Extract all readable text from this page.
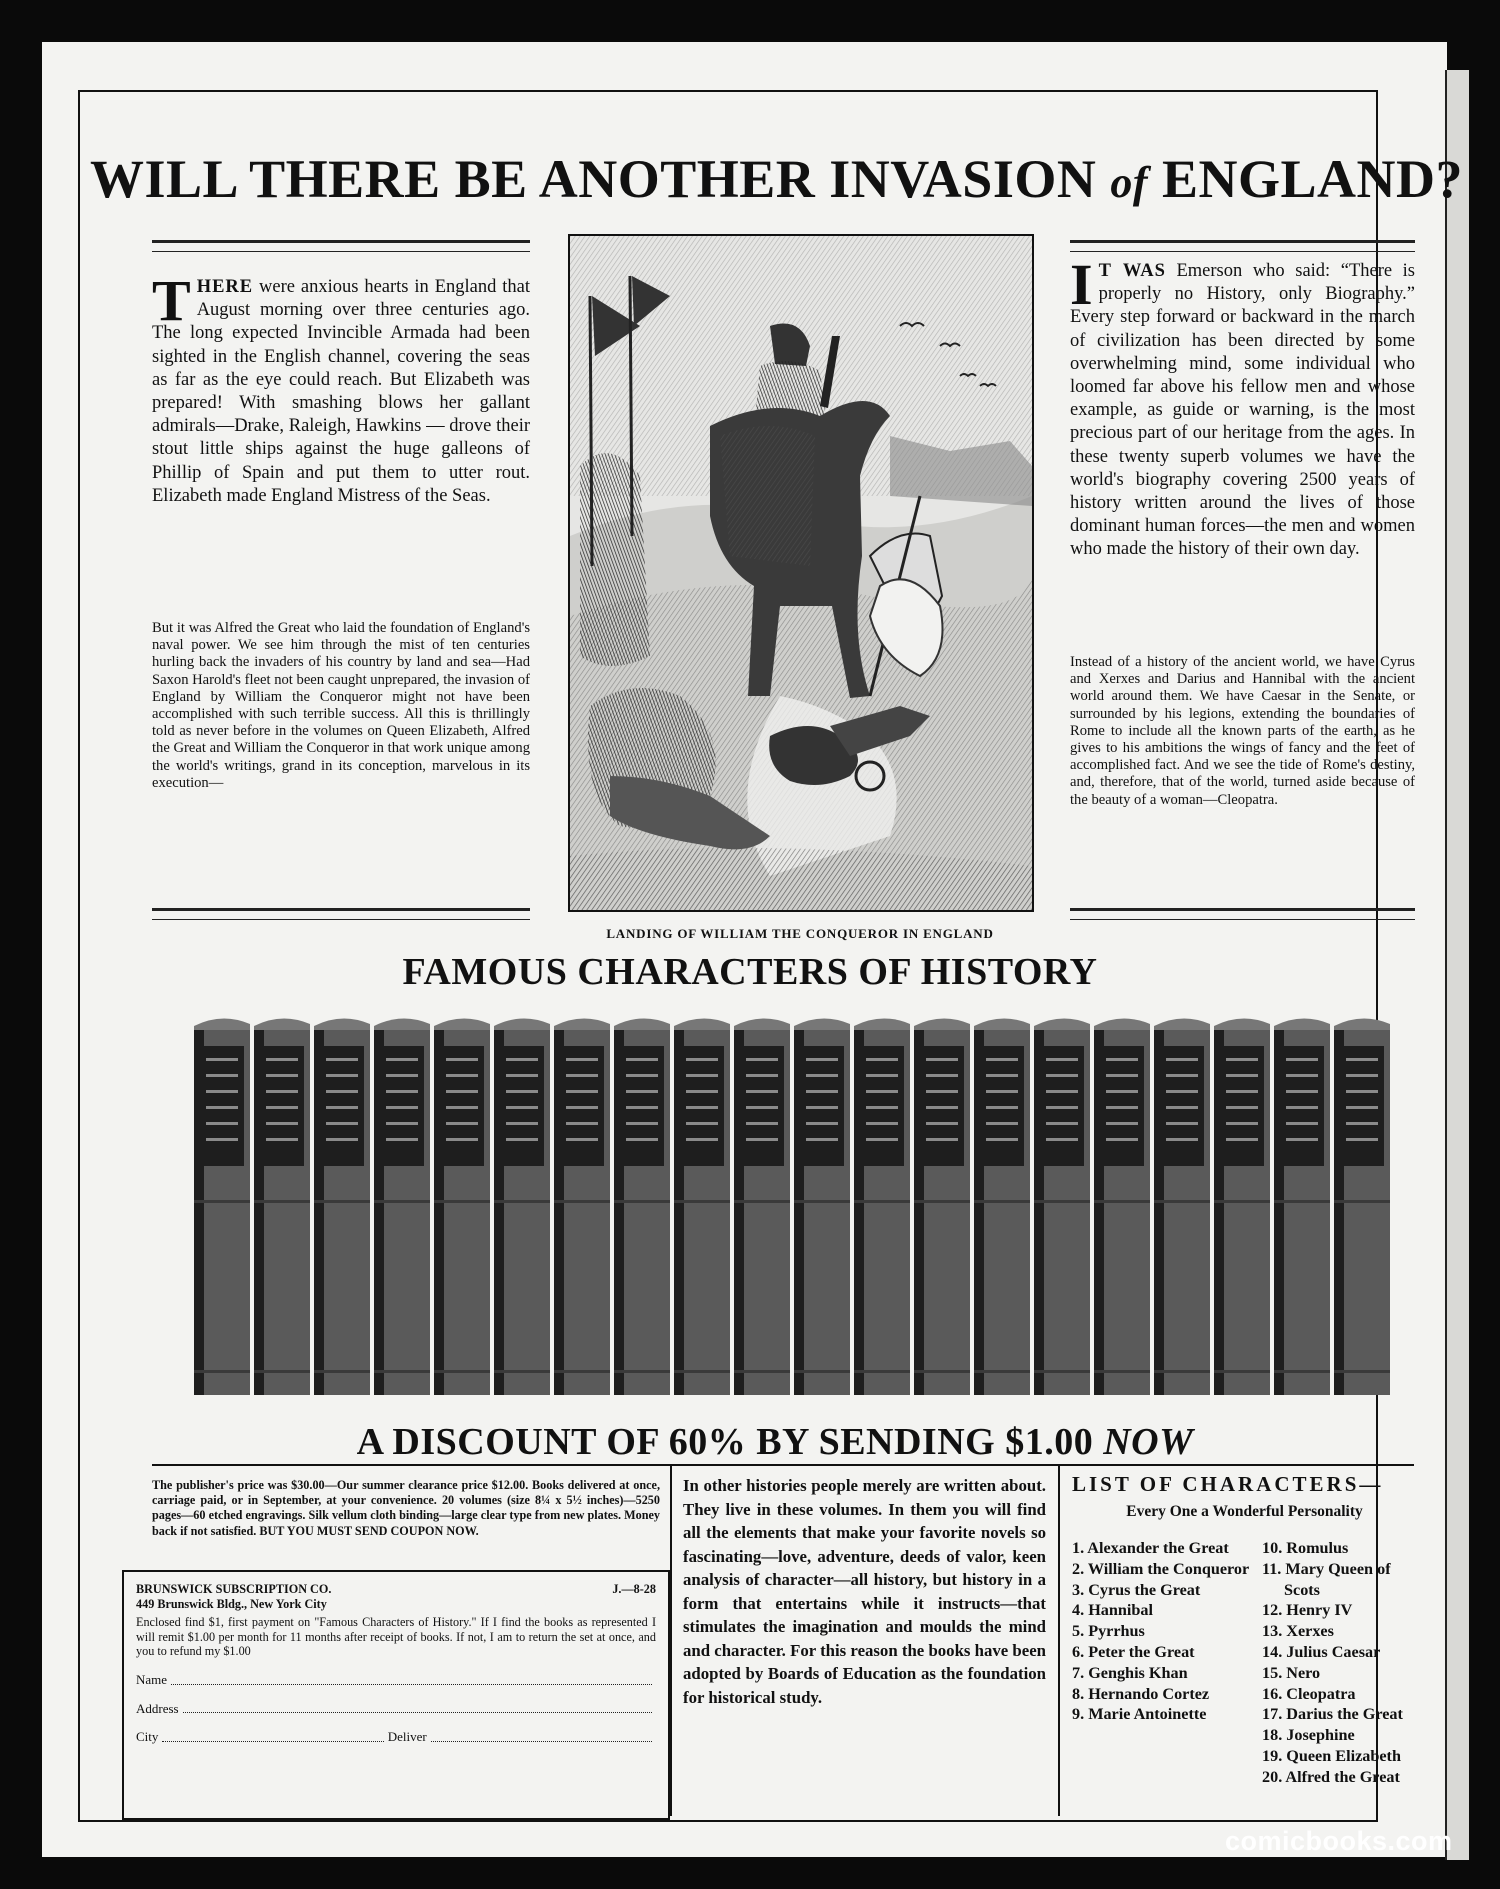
WILL THERE BE ANOTHER INVASION of ENGLAND?
THERE were anxious hearts in England that August morning over three centuries ago. The long expected Invincible Armada had been sighted in the English channel, covering the seas as far as the eye could reach. But Elizabeth was prepared! With smashing blows her gallant admirals—Drake, Raleigh, Hawkins — drove their stout little ships against the huge galleons of Phillip of Spain and put them to utter rout. Elizabeth made England Mistress of the Seas.
But it was Alfred the Great who laid the foundation of England's naval power. We see him through the mist of ten centuries hurling back the invaders of his country by land and sea—Had Saxon Harold's fleet not been caught unprepared, the invasion of England by William the Conqueror might not have been accomplished with such terrible success. All this is thrillingly told as never before in the volumes on Queen Elizabeth, Alfred the Great and William the Conqueror in that work unique among the world's writings, grand in its conception, marvelous in its execution—
I T WAS Emerson who said: “There is properly no History, only Biography.” Every step forward or backward in the march of civilization has been directed by some overwhelming mind, some individual who loomed far above his fellow men and whose example, as guide or warning, is the most precious part of our heritage from the ages. In these twenty superb volumes we have the world's biography covering 2500 years of history written around the lives of those dominant human forces—the men and women who made the history of their own day.
Instead of a history of the ancient world, we have Cyrus and Xerxes and Darius and Hannibal with the ancient world around them. We have Caesar in the Senate, or surrounded by his legions, extending the boundaries of Rome to include all the known parts of the earth, as he gives to his ambitions the wings of fancy and the feet of accomplished fact. And we see the tide of Rome's destiny, and, therefore, that of the world, turned aside because of the beauty of a woman—Cleopatra.
LANDING OF WILLIAM THE CONQUEROR IN ENGLAND
FAMOUS CHARACTERS OF HISTORY
A DISCOUNT OF 60% BY SENDING $1.00 NOW
The publisher's price was $30.00—Our summer clearance price $12.00. Books delivered at once, carriage paid, or in September, at your convenience. 20 volumes (size 8¼ x 5½ inches)—5250 pages—60 etched engravings. Silk vellum cloth binding—large clear type from new plates. Money back if not satisfied. BUT YOU MUST SEND COUPON NOW.
BRUNSWICK SUBSCRIPTION CO.	J.—8-28
449 Brunswick Bldg., New York City
Enclosed find $1, first payment on "Famous Characters of History." If I find the books as represented I will remit $1.00 per month for 11 months after receipt of books. If not, I am to return the set at once, and you to refund my $1.00
Name
Address
City	Deliver
In other histories people merely are written about. They live in these volumes. In them you will find all the elements that make your favorite novels so fascinating—love, adventure, deeds of valor, keen analysis of character—all history, but history in a form that entertains while it instructs—that stimulates the imagination and moulds the mind and character. For this reason the books have been adopted by Boards of Education as the foundation for historical study.
LIST OF CHARACTERS—
Every One a Wonderful Personality
1. Alexander the Great
2. William the Conqueror
3. Cyrus the Great
4. Hannibal
5. Pyrrhus
6. Peter the Great
7. Genghis Khan
8. Hernando Cortez
9. Marie Antoinette
10. Romulus
11. Mary Queen of Scots
12. Henry IV
13. Xerxes
14. Julius Caesar
15. Nero
16. Cleopatra
17. Darius the Great
18. Josephine
19. Queen Elizabeth
20. Alfred the Great
comicbooks.com
